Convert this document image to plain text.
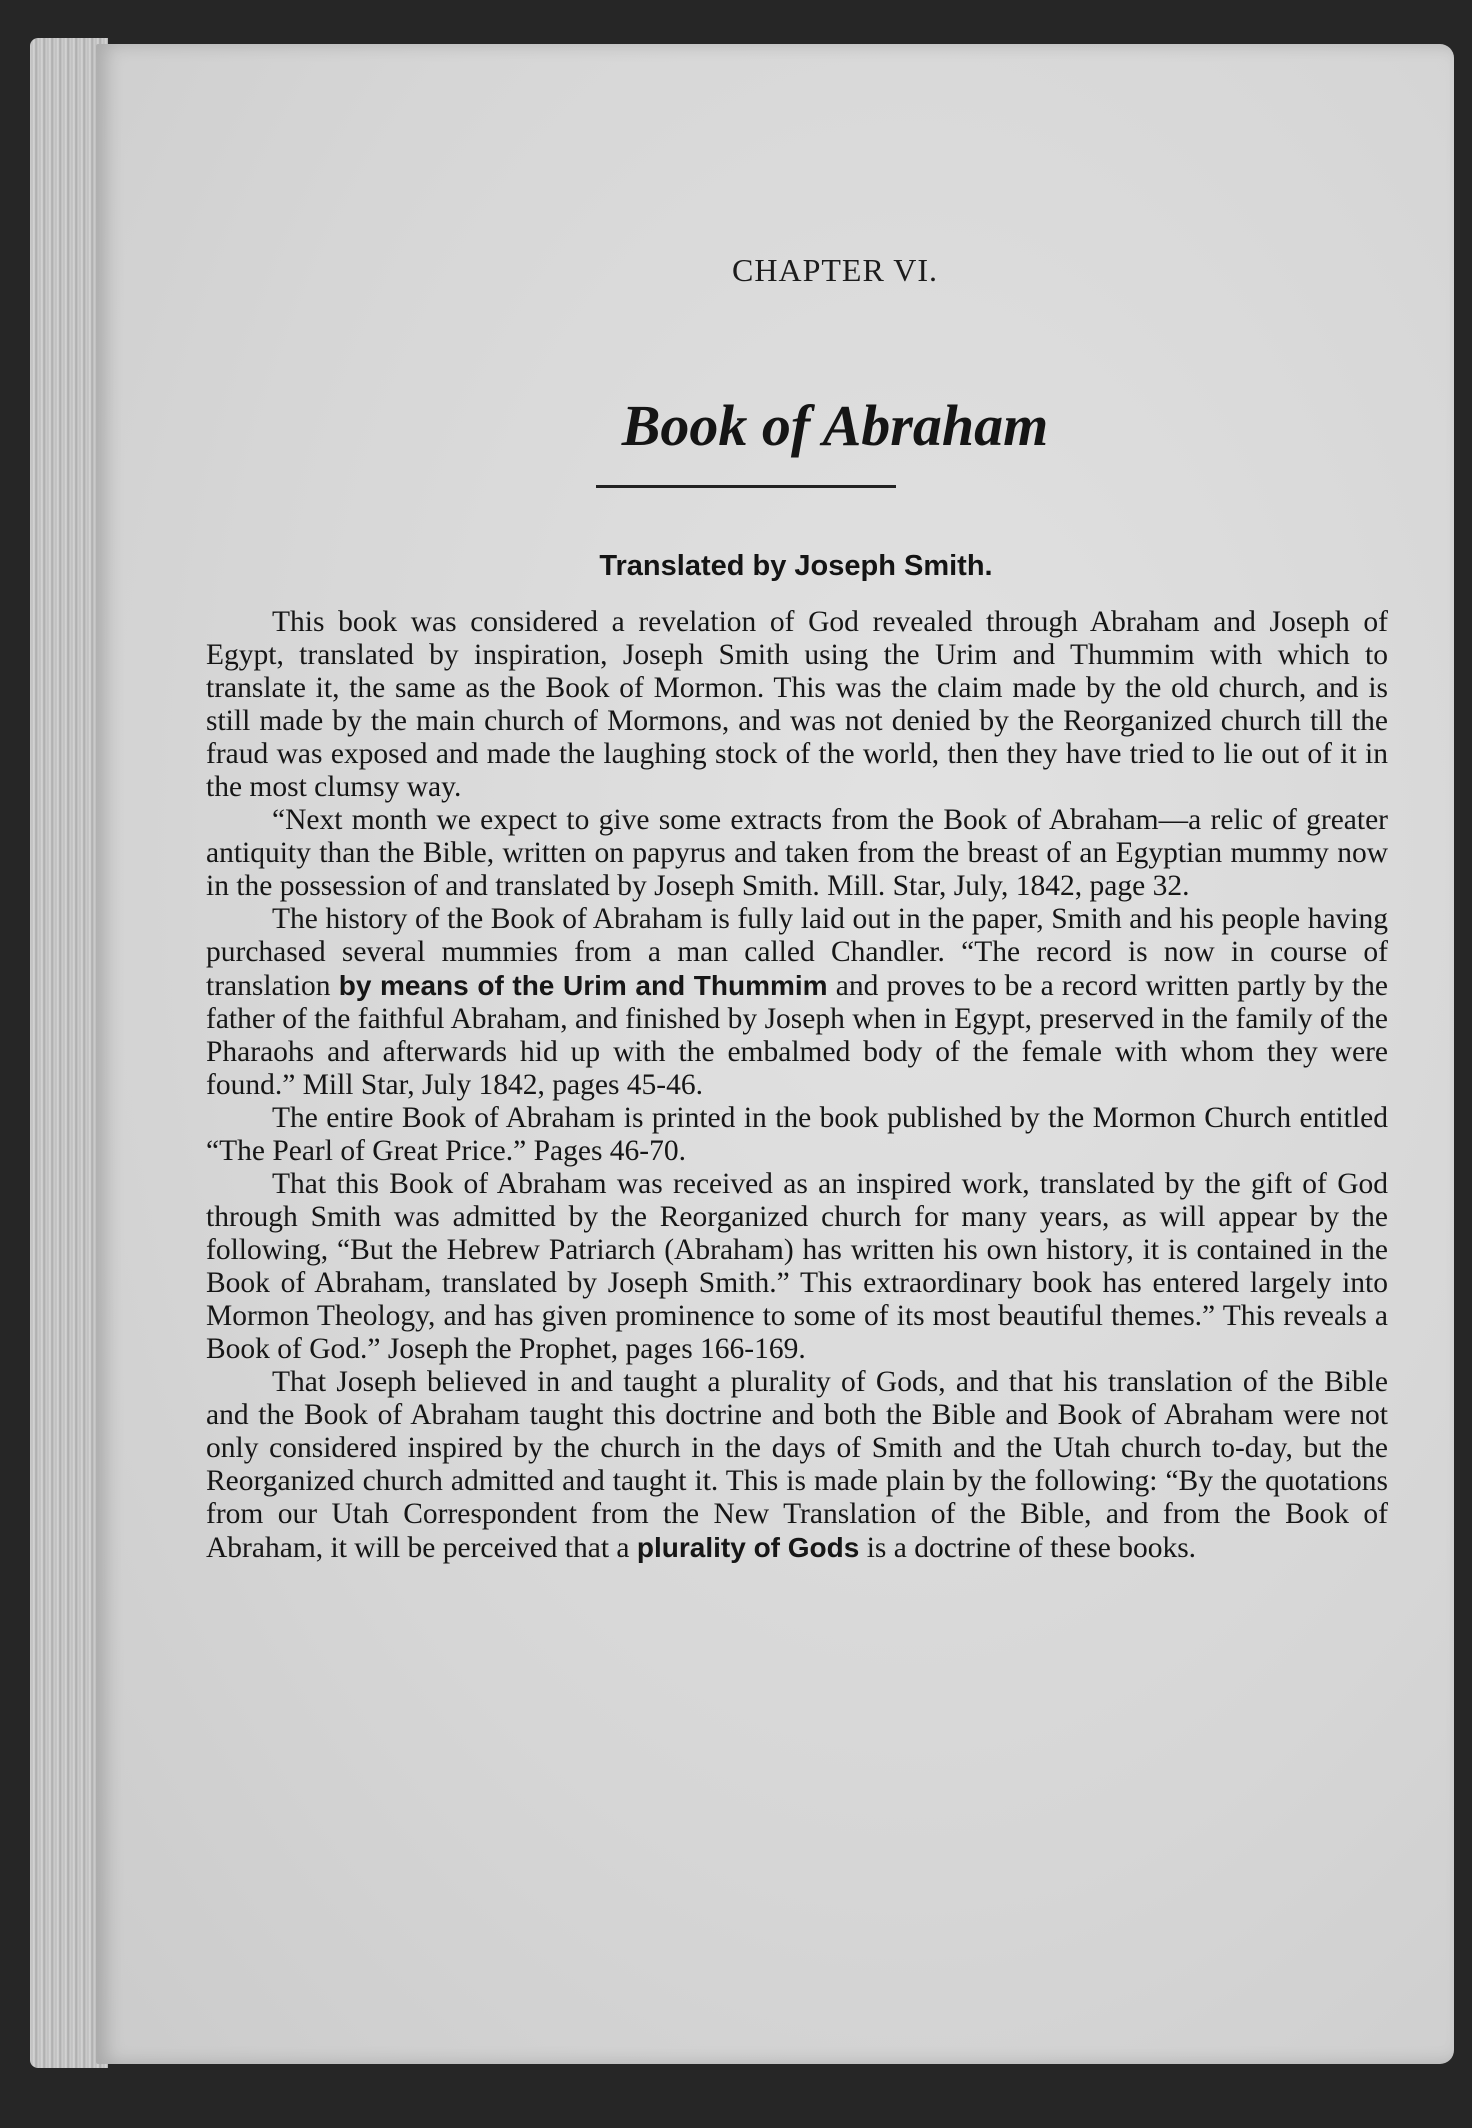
CHAPTER VI.
Book of Abraham
Translated by Joseph Smith.

This book was considered a revelation of God revealed through Abraham and Joseph of Egypt, translated by inspiration, Joseph Smith using the Urim and Thummim with which to translate it, the same as the Book of Mormon. This was the claim made by the old church, and is still made by the main church of Mormons, and was not denied by the Reorganized church till the fraud was exposed and made the laughing stock of the world, then they have tried to lie out of it in the most clumsy way.

“Next month we expect to give some extracts from the Book of Abraham—a relic of greater antiquity than the Bible, written on papyrus and taken from the breast of an Egyptian mummy now in the possession of and translated by Joseph Smith. Mill. Star, July, 1842, page 32.

The history of the Book of Abraham is fully laid out in the paper, Smith and his people having purchased several mummies from a man called Chandler. “The record is now in course of translation by means of the Urim and Thummim and proves to be a record written partly by the father of the faithful Abraham, and finished by Joseph when in Egypt, preserved in the family of the Pharaohs and afterwards hid up with the embalmed body of the female with whom they were found.” Mill Star, July 1842, pages 45-46.

The entire Book of Abraham is printed in the book published by the Mormon Church entitled “The Pearl of Great Price.” Pages 46-70.

That this Book of Abraham was received as an inspired work, translated by the gift of God through Smith was admitted by the Reorganized church for many years, as will appear by the following, “But the Hebrew Patriarch (Abraham) has written his own history, it is contained in the Book of Abraham, translated by Joseph Smith.” This extraordinary book has entered largely into Mormon Theology, and has given prominence to some of its most beautiful themes.” This reveals a Book of God.” Joseph the Prophet, pages 166-169.

That Joseph believed in and taught a plurality of Gods, and that his translation of the Bible and the Book of Abraham taught this doctrine and both the Bible and Book of Abraham were not only considered inspired by the church in the days of Smith and the Utah church to-day, but the Reorganized church admitted and taught it. This is made plain by the following: “By the quotations from our Utah Correspondent from the New Translation of the Bible, and from the Book of Abraham, it will be perceived that a plurality of Gods is a doctrine of these books.
